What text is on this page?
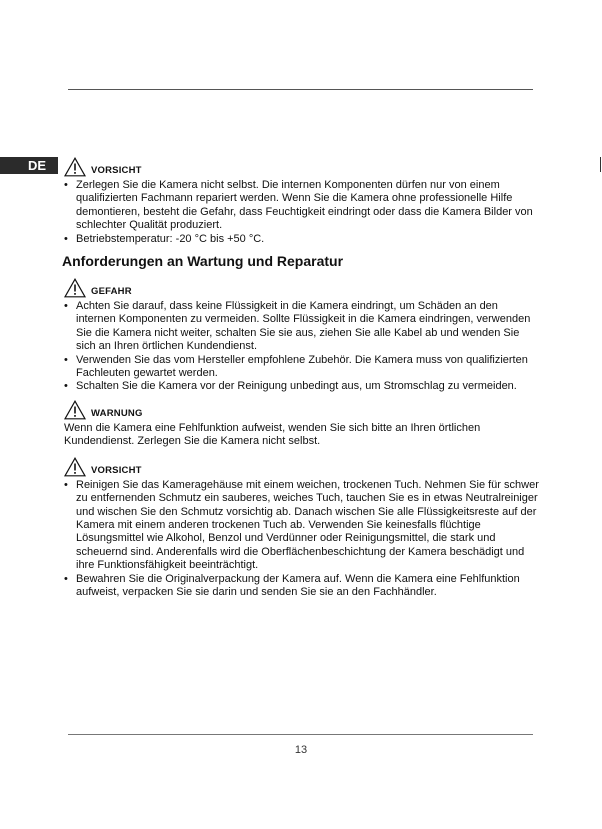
DE	VORSICHT
• Zerlegen Sie die Kamera nicht selbst. Die internen Komponenten dürfen nur von einem qualifizierten Fachmann repariert werden. Wenn Sie die Kamera ohne professionelle Hilfe demontieren, besteht die Gefahr, dass Feuchtigkeit eindringt oder dass die Kamera Bilder von schlechter Qualität produziert.
• Betriebstemperatur: -20 °C bis +50 °C.
Anforderungen an Wartung und Reparatur
GEFAHR
• Achten Sie darauf, dass keine Flüssigkeit in die Kamera eindringt, um Schäden an den internen Komponenten zu vermeiden. Sollte Flüssigkeit in die Kamera eindringen, verwenden Sie die Kamera nicht weiter, schalten Sie sie aus, ziehen Sie alle Kabel ab und wenden Sie sich an Ihren örtlichen Kundendienst.
• Verwenden Sie das vom Hersteller empfohlene Zubehör. Die Kamera muss von qualifizierten Fachleuten gewartet werden.
• Schalten Sie die Kamera vor der Reinigung unbedingt aus, um Stromschlag zu vermeiden.
WARNUNG

Wenn die Kamera eine Fehlfunktion aufweist, wenden Sie sich bitte an Ihren örtlichen Kundendienst. Zerlegen Sie die Kamera nicht selbst.

VORSICHT
• Reinigen Sie das Kameragehäuse mit einem weichen, trockenen Tuch. Nehmen Sie für schwer zu entfernenden Schmutz ein sauberes, weiches Tuch, tauchen Sie es in etwas Neutralreiniger und wischen Sie den Schmutz vorsichtig ab. Danach wischen Sie alle Flüssigkeitsreste auf der Kamera mit einem anderen trockenen Tuch ab. Verwenden Sie keinesfalls flüchtige Lösungsmittel wie Alkohol, Benzol und Verdünner oder Reinigungsmittel, die stark und scheuernd sind. Anderenfalls wird die Oberflächenbeschichtung der Kamera beschädigt und ihre Funktionsfähigkeit beeinträchtigt.
• Bewahren Sie die Originalverpackung der Kamera auf. Wenn die Kamera eine Fehlfunktion aufweist, verpacken Sie sie darin und senden Sie sie an den Fachhändler.
13
